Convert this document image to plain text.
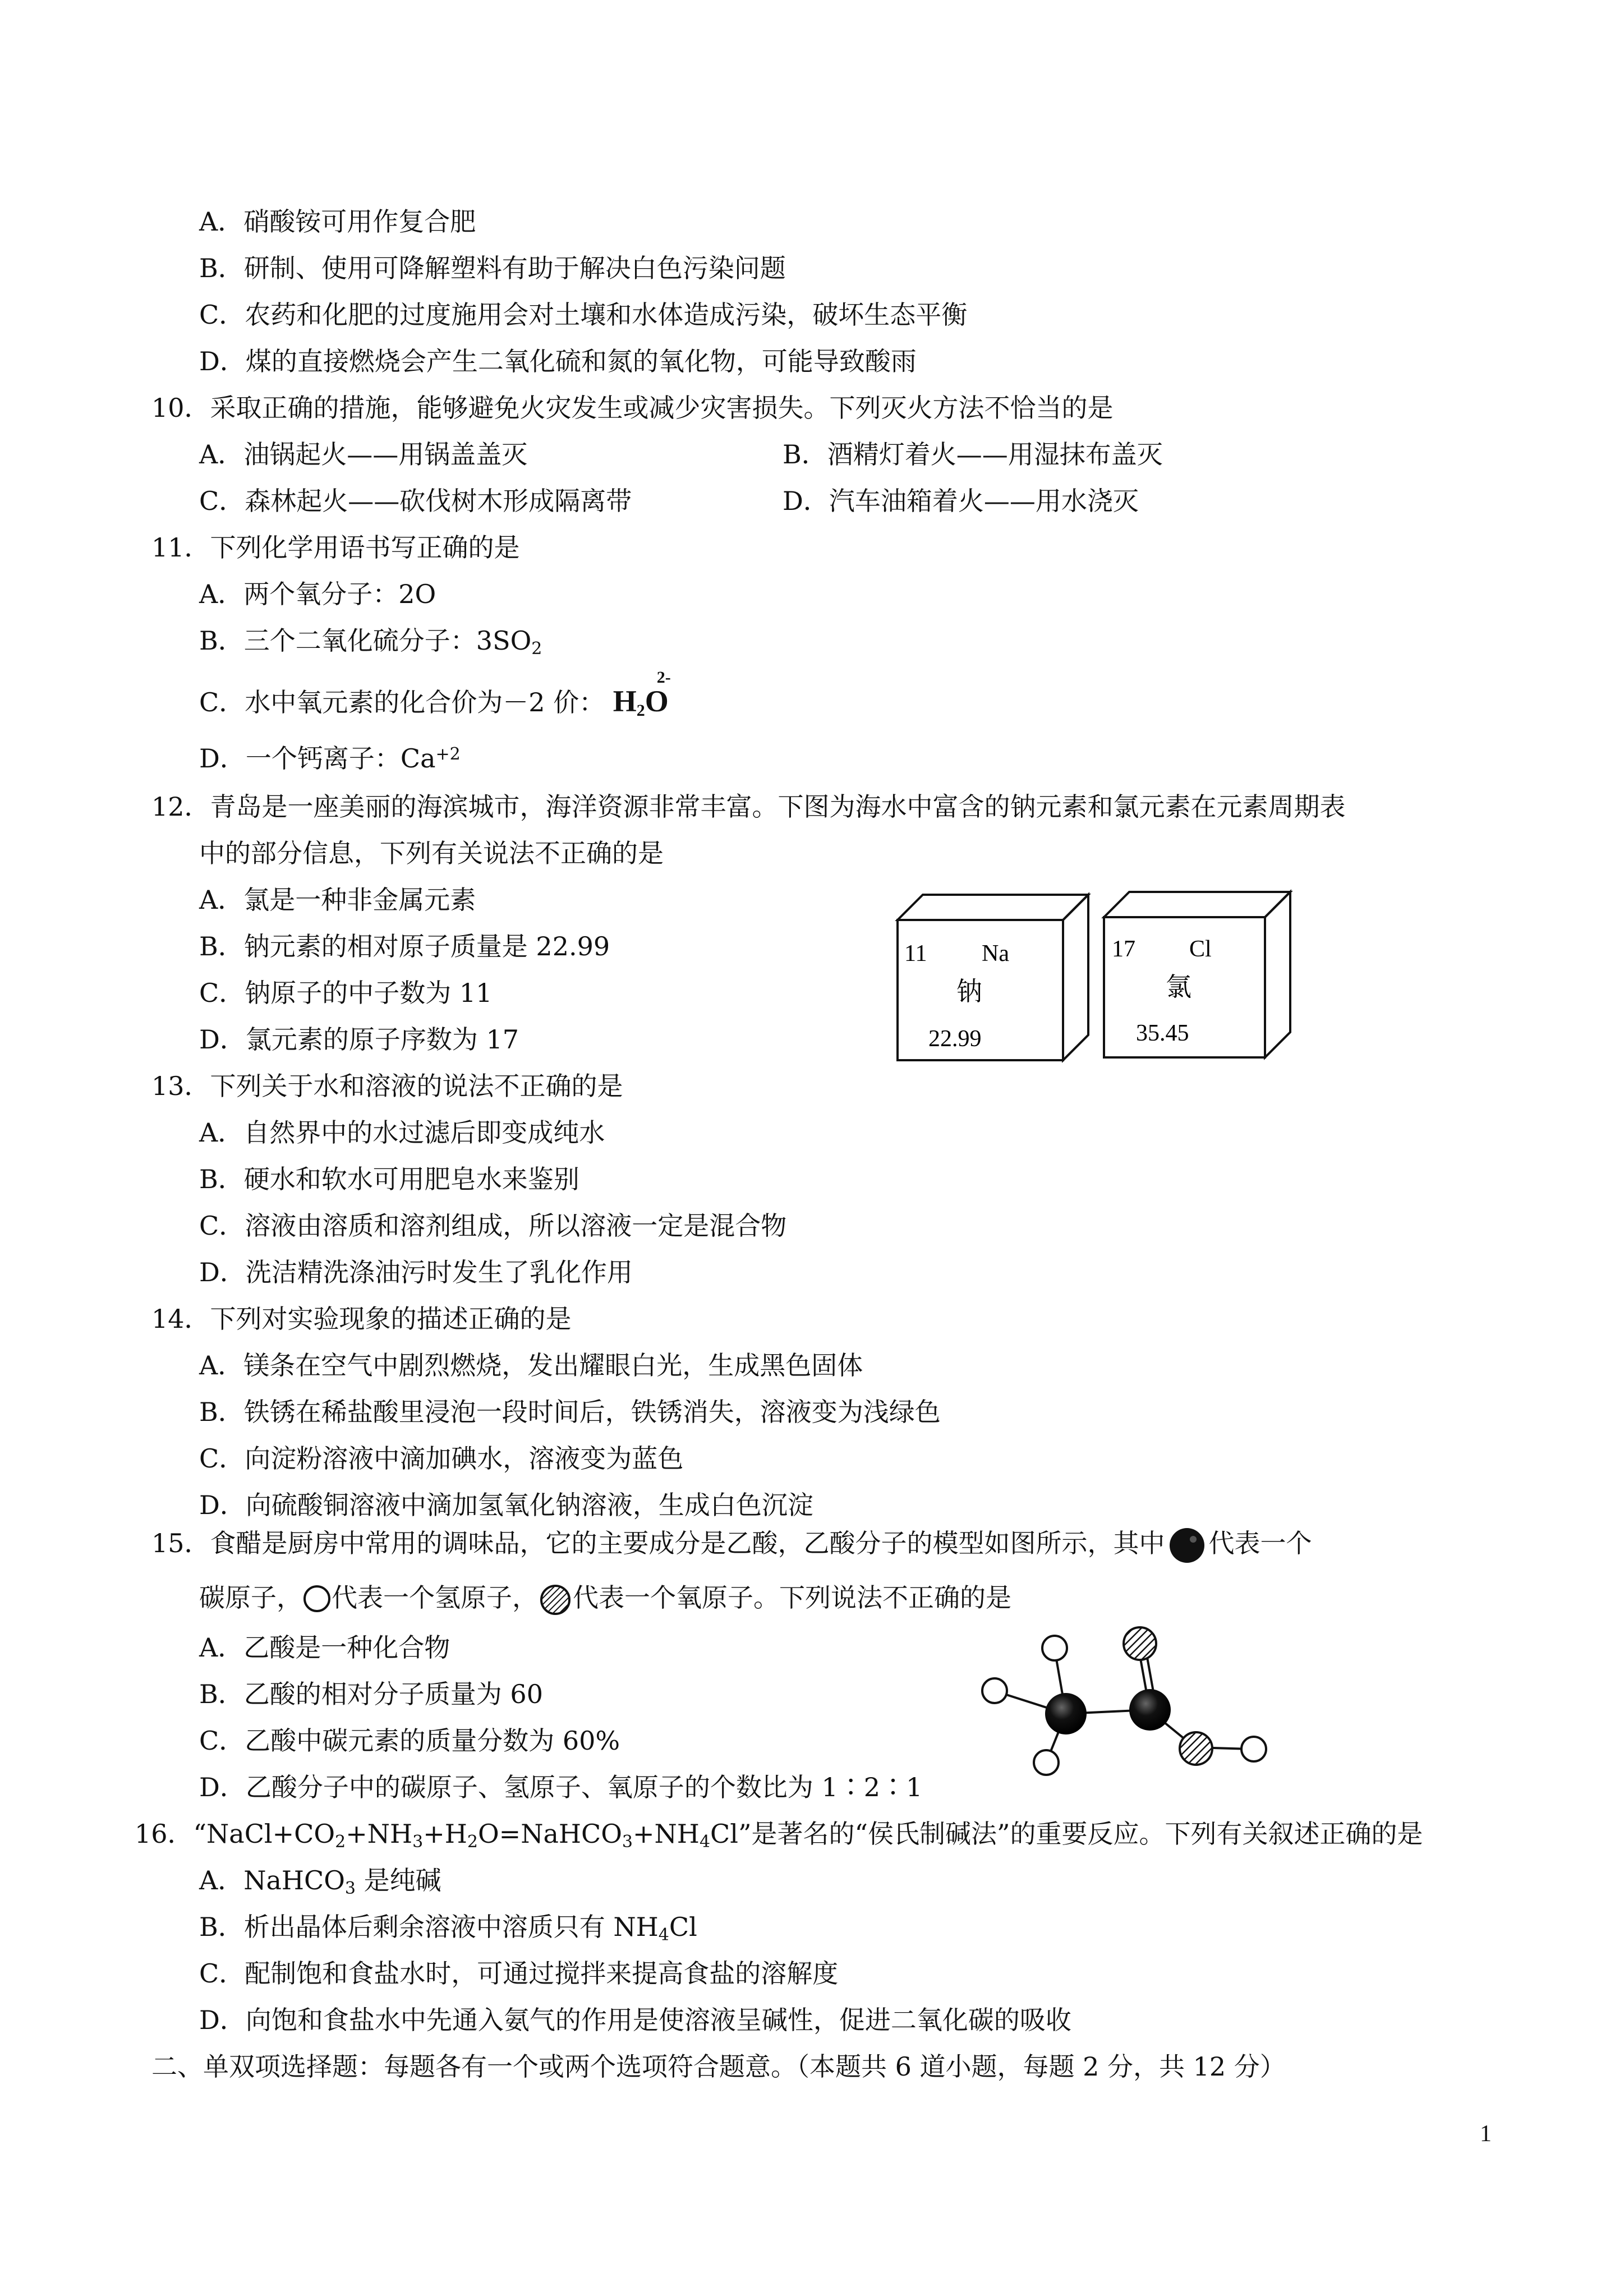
A．硝酸铵可用作复合肥
B．研制、使用可降解塑料有助于解决白色污染问题
C．农药和化肥的过度施用会对土壤和水体造成污染，破坏生态平衡
D．煤的直接燃烧会产生二氧化硫和氮的氧化物，可能导致酸雨
10．采取正确的措施，能够避免火灾发生或减少灾害损失。下列灭火方法不恰当的是
A．油锅起火——用锅盖盖灭	B．酒精灯着火——用湿抹布盖灭
C．森林起火——砍伐树木形成隔离带	D．汽车油箱着火——用水浇灭
11．下列化学用语书写正确的是
A．两个氧分子：2O
B．三个二氧化硫分子：$3SO_2$
C．水中氧元素的化合价为－2 价： $H_2O$
2-
D．一个钙离子：$Ca^{+2}$
12．青岛是一座美丽的海滨城市，海洋资源非常丰富。下图为海水中富含的钠元素和氯元素在元素周期表
中的部分信息，下列有关说法不正确的是
A．氯是一种非金属元素
B．钠元素的相对原子质量是 22.99
C．钠原子的中子数为 11
D．氯元素的原子序数为 17
11 Na
钠
22.99
17 Cl
氯
35.45
13．下列关于水和溶液的说法不正确的是
A．自然界中的水过滤后即变成纯水
B．硬水和软水可用肥皂水来鉴别
C．溶液由溶质和溶剂组成，所以溶液一定是混合物
D．洗洁精洗涤油污时发生了乳化作用
14．下列对实验现象的描述正确的是
A．镁条在空气中剧烈燃烧，发出耀眼白光，生成黑色固体
B．铁锈在稀盐酸里浸泡一段时间后，铁锈消失，溶液变为浅绿色
C．向淀粉溶液中滴加碘水，溶液变为蓝色
D．向硫酸铜溶液中滴加氢氧化钠溶液，生成白色沉淀
15．食醋是厨房中常用的调味品，它的主要成分是乙酸，乙酸分子的模型如图所示，其中 代表一个
碳原子， 代表一个氢原子， 代表一个氧原子。下列说法不正确的是
A．乙酸是一种化合物
B．乙酸的相对分子质量为 60
C．乙酸中碳元素的质量分数为 60%
D．乙酸分子中的碳原子、氢原子、氧原子的个数比为 1∶2∶1
16．“$NaCl+CO_2+NH_3+H_2O=NaHCO_3+NH_4Cl$”是著名的“侯氏制碱法”的重要反应。下列有关叙述正确的是
A．NaHCO$_3$ 是纯碱
B．析出晶体后剩余溶液中溶质只有 $NH_4Cl$
C．配制饱和食盐水时，可通过搅拌来提高食盐的溶解度
D．向饱和食盐水中先通入氨气的作用是使溶液呈碱性，促进二氧化碳的吸收
二、单双项选择题：每题各有一个或两个选项符合题意。（本题共 6 道小题，每题 2 分，共 12 分）
1
